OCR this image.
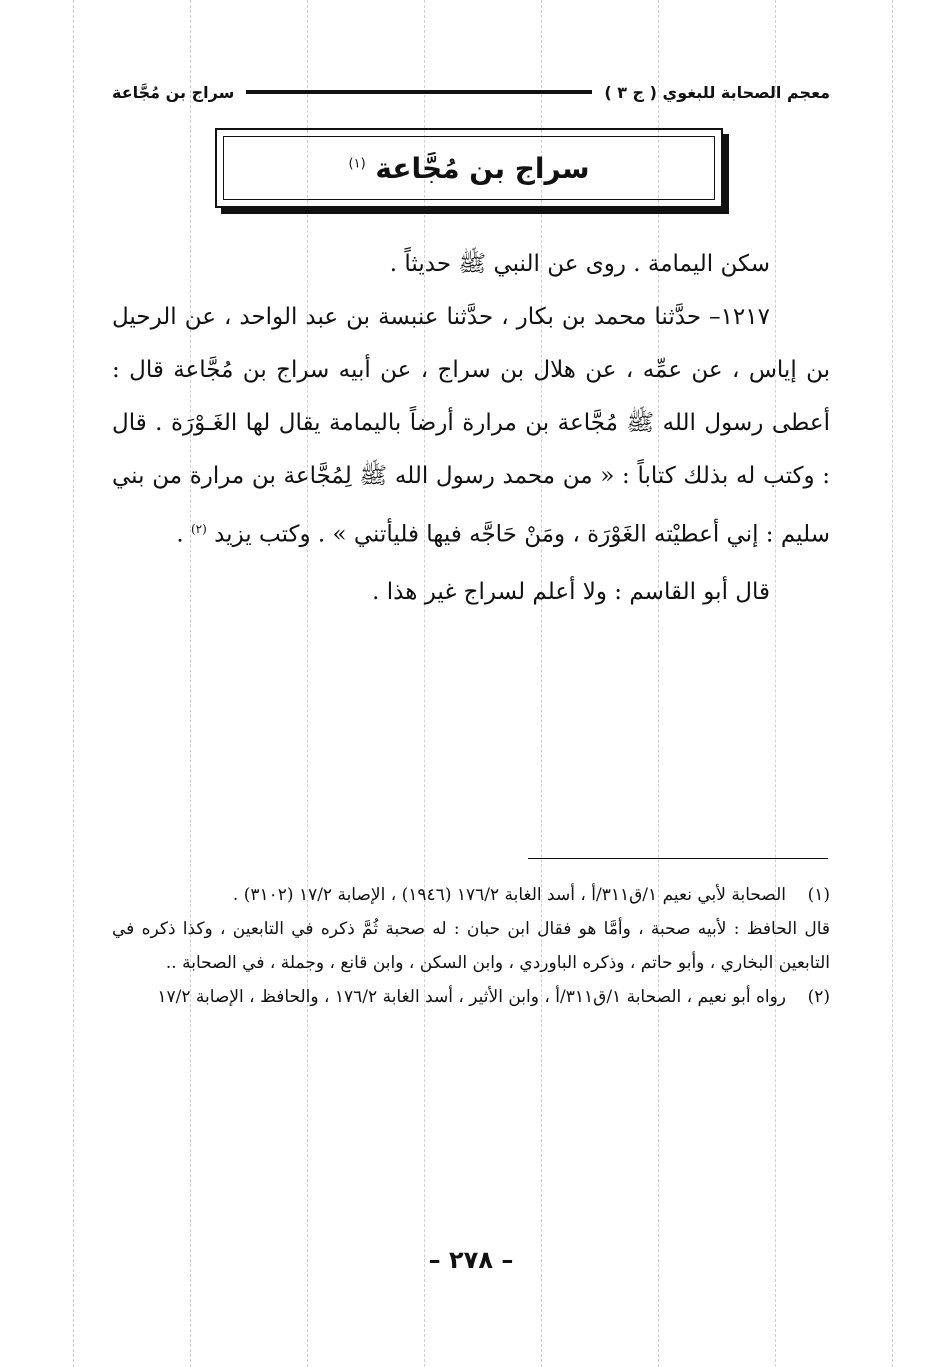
معجم الصحابة للبغوي ( ج ٣ )
سراج بن مُجَّاعة
سراج بن مُجَّاعة $^{(١)}$

سكن اليمامة . روى عن النبي ﷺ حديثاً .

١٢١٧– حدَّثنا محمد بن بكار ، حدَّثنا عنبسة بن عبد الواحد ، عن الرحيل بن إياس ، عن عمِّه ، عن هلال بن سراج ، عن أبيه سراج بن مُجَّاعة قال : أعطى رسول الله ﷺ مُجَّاعة بن مرارة أرضاً باليمامة يقال لها الغَـوْرَة . قال : وكتب له بذلك كتاباً : « من محمد رسول الله ﷺ لِمُجَّاعة بن مرارة من بني سليم : إني أعطيْته الغَوْرَة ، ومَنْ حَاجَّه فيها فليأتني » . وكتب يزيد $^{(٢)}$ .

قال أبو القاسم : ولا أعلم لسراج غير هذا .

(١)

الصحابة لأبي نعيم ١/ق٣١١/أ ، أسد الغابة ١٧٦/٢ (١٩٤٦) ، الإصابة ١٧/٢ (٣١٠٢) .

قال الحافظ : لأبيه صحبة ، وأمَّا هو فقال ابن حبان : له صحبة ثُمَّ ذكره في التابعين ، وكذا ذكره في التابعين البخاري ، وأبو حاتم ، وذكره الباوردي ، وابن السكن ، وابن قانع ، وجملة ، في الصحابة ..

(٢)

رواه أبو نعيم ، الصحابة ١/ق٣١١/أ ، وابن الأثير ، أسد الغابة ١٧٦/٢ ، والحافظ ، الإصابة ١٧/٢

– ٢٧٨ –
